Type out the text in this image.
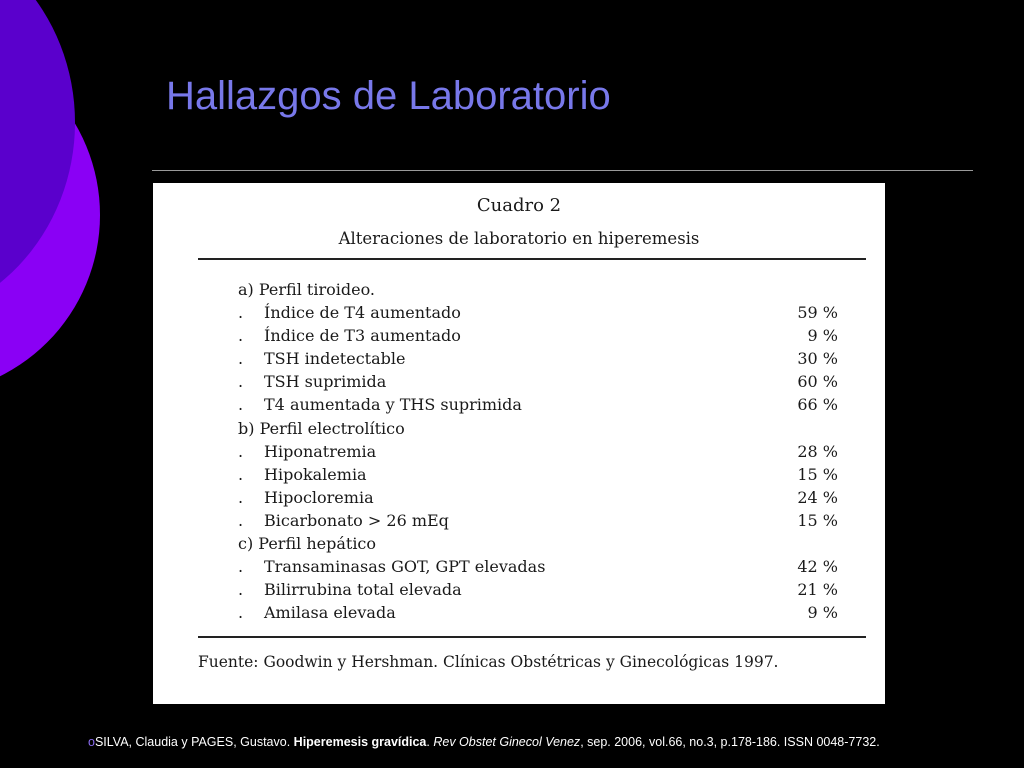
Hallazgos de Laboratorio
Cuadro 2
Alteraciones de laboratorio en hiperemesis
a) Perfil tiroideo.
. Índice de T4 aumentado	59 %
. Índice de T3 aumentado	9 %
. TSH indetectable	30 %
. TSH suprimida	60 %
. T4 aumentada y THS suprimida	66 %
b) Perfil electrolítico
. Hiponatremia	28 %
. Hipokalemia	15 %
. Hipocloremia	24 %
. Bicarbonato > 26 mEq	15 %
c) Perfil hepático
. Transaminasas GOT, GPT elevadas	42 %
. Bilirrubina total elevada	21 %
. Amilasa elevada	9 %
Fuente: Goodwin y Hershman. Clínicas Obstétricas y Ginecológicas 1997.
oSILVA, Claudia y PAGES, Gustavo. Hiperemesis gravídica. Rev Obstet Ginecol Venez, sep. 2006, vol.66, no.3, p.178-186. ISSN 0048-7732.
